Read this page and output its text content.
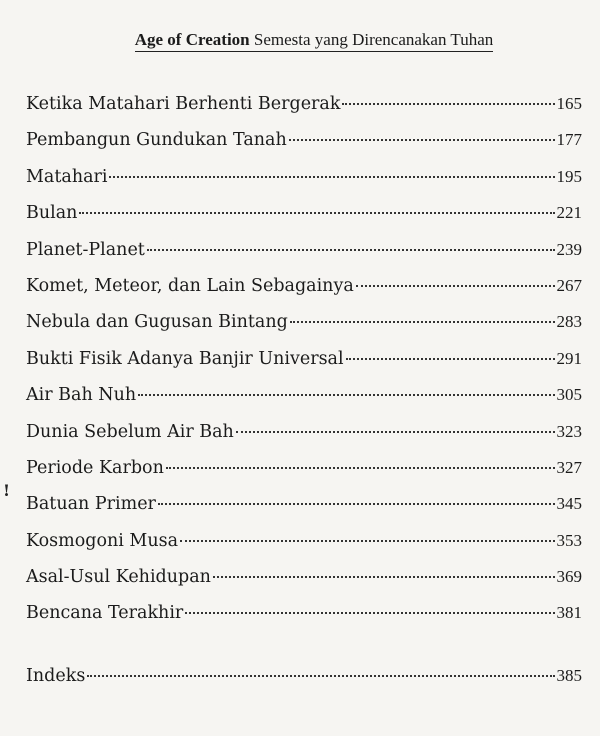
Age of Creation Semesta yang Direncanakan Tuhan
Ketika Matahari Berhenti Bergerak	165
Pembangun Gundukan Tanah	177
Matahari	195
Bulan	221
Planet-Planet	239
Komet, Meteor, dan Lain Sebagainya	267
Nebula dan Gugusan Bintang	283
Bukti Fisik Adanya Banjir Universal	291
Air Bah Nuh	305
Dunia Sebelum Air Bah	323
Periode Karbon	327
Batuan Primer	345
Kosmogoni Musa	353
Asal-Usul Kehidupan	369
Bencana Terakhir	381
Indeks	385
!
